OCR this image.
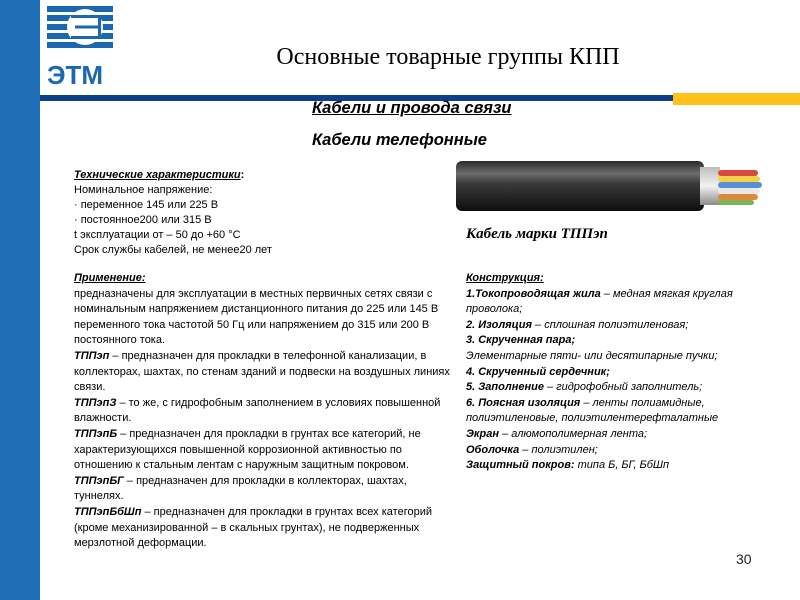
ЭТМ
Основные товарные группы КПП
Кабели и провода связи
Кабели телефонные
Технические характеристики:
Номинальное напряжение:
· переменное 145 или 225 В
· постоянное200 или 315 В
t эксплуатации от – 50 до +60 °С
Срок службы кабелей, не менее20 лет
Кабель марки ТППэп
Применение:
предназначены для эксплуатации в местных первичных сетях связи с номинальным напряжением дистанционного питания до 225 или 145 В переменного тока частотой 50 Гц или напряжением до 315 или 200 В постоянного тока.
ТППэп – предназначен для прокладки в телефонной канализации, в коллекторах, шахтах, по стенам зданий и подвески на воздушных линиях связи.
ТППэпЗ – то же, с гидрофобным заполнением в условиях повышенной влажности.
ТППэпБ – предназначен для прокладки в грунтах все категорий, не характеризующихся повышенной коррозионной активностью по отношению к стальным лентам с наружным защитным покровом.
ТППэпБГ – предназначен для прокладки в коллекторах, шахтах, туннелях.
ТППэпБбШп – предназначен для прокладки в грунтах всех категорий (кроме механизированной – в скальных грунтах), не подверженных мерзлотной деформации.
Конструкция:
1.Токопроводящая жила – медная мягкая круглая проволока;
2. Изоляция – сплошная полиэтиленовая;
3. Скрученная пара;
Элементарные пяти- или десятипарные пучки;
4. Скрученный сердечник;
5. Заполнение – гидрофобный заполнитель;
6. Поясная изоляция – ленты полиамидные, полиэтиленовые, полиэтилентерефталатные
Экран – алюмополимерная лента;
Оболочка – полиэтилен;
Защитный покров: типа Б, БГ, БбШп
30
